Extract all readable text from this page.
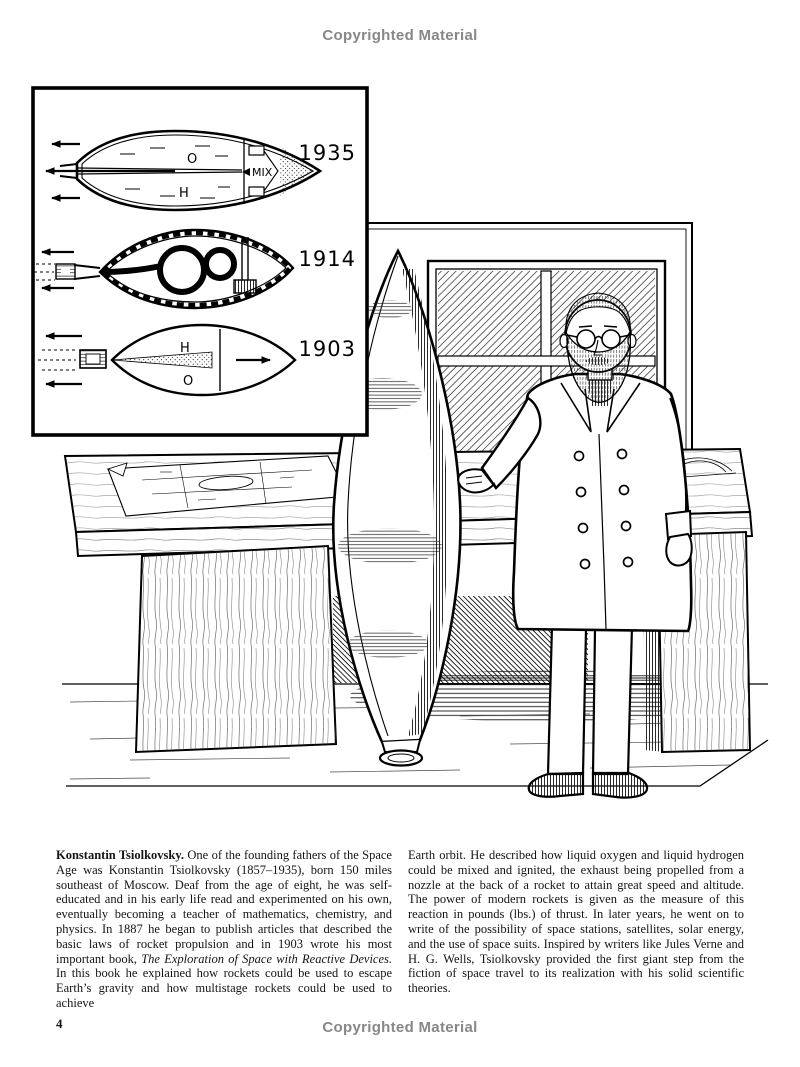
Copyrighted Material
O
H
MIX
1935
1914
H
O
1903

Konstantin Tsiolkovsky. One of the founding fathers of the Space Age was Konstantin Tsiolkovsky (1857–1935), born 150 miles southeast of Moscow. Deaf from the age of eight, he was self-educated and in his early life read and experimented on his own, eventually becoming a teacher of mathematics, chemistry, and physics. In 1887 he began to publish articles that described the basic laws of rocket propulsion and in 1903 wrote his most important book, The Exploration of Space with Reactive Devices. In this book he explained how rockets could be used to escape Earth’s gravity and how multistage rockets could be used to achieve

Earth orbit. He described how liquid oxygen and liquid hydrogen could be mixed and ignited, the exhaust being propelled from a nozzle at the back of a rocket to attain great speed and altitude. The power of modern rockets is given as the measure of this reaction in pounds (lbs.) of thrust. In later years, he went on to write of the possibility of space stations, satellites, solar energy, and the use of space suits. Inspired by writers like Jules Verne and H. G. Wells, Tsiolkovsky provided the first giant step from the fiction of space travel to its realization with his solid scientific theories.

4	Copyrighted Material
